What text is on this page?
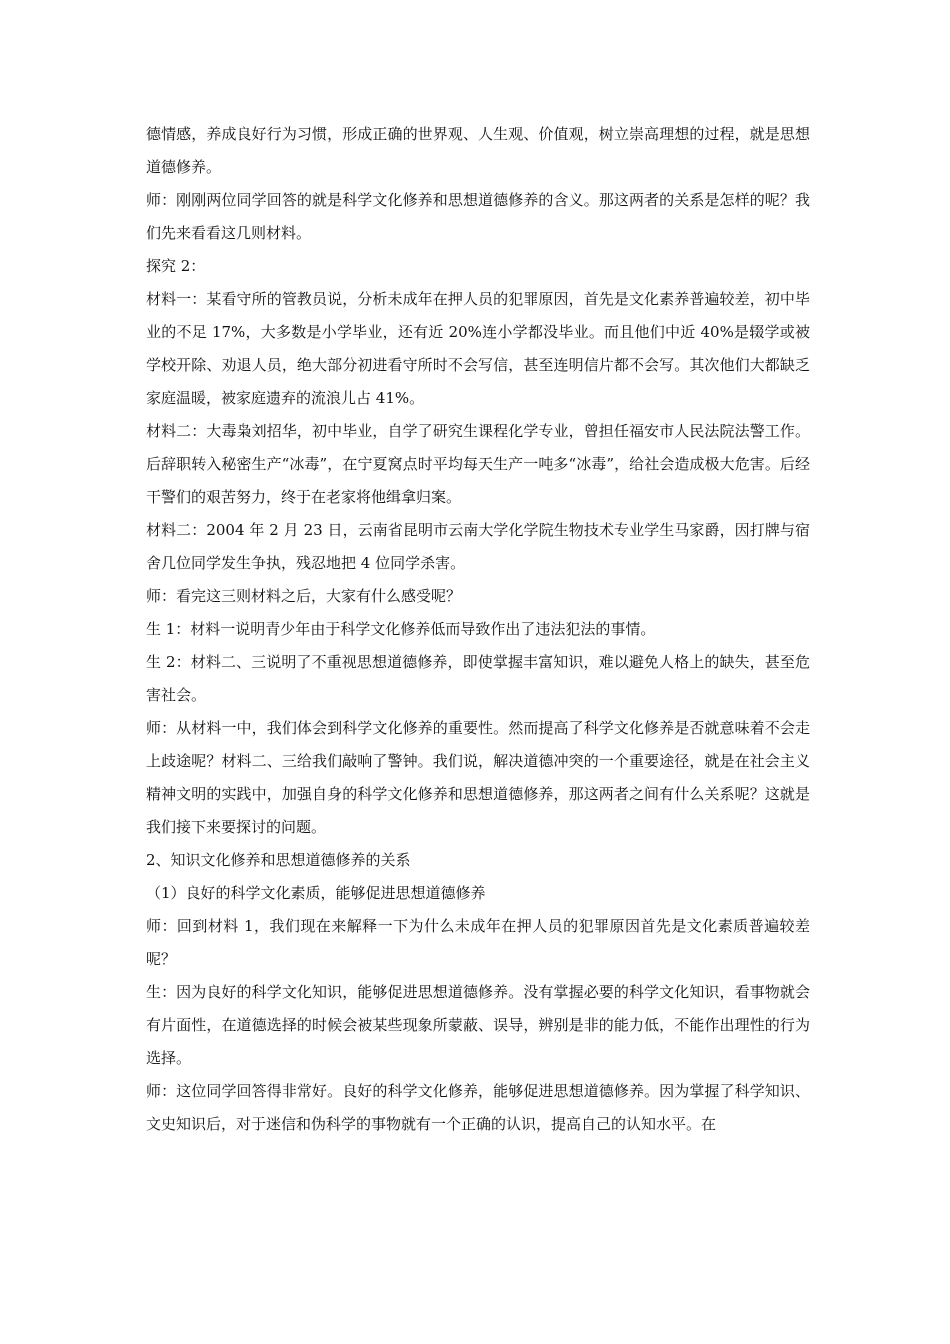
德情感，养成良好行为习惯，形成正确的世界观、人生观、价值观，树立崇高理想的过程，就是思想道德修养。

师：刚刚两位同学回答的就是科学文化修养和思想道德修养的含义。那这两者的关系是怎样的呢？我们先来看看这几则材料。

探究 2：

材料一：某看守所的管教员说，分析未成年在押人员的犯罪原因，首先是文化素养普遍较差，初中毕业的不足 17%，大多数是小学毕业，还有近 20%连小学都没毕业。而且他们中近 40%是辍学或被学校开除、劝退人员，绝大部分初进看守所时不会写信，甚至连明信片都不会写。其次他们大都缺乏家庭温暖，被家庭遗弃的流浪儿占 41%。

材料二：大毒枭刘招华，初中毕业，自学了研究生课程化学专业，曾担任福安市人民法院法警工作。后辞职转入秘密生产“冰毒”，在宁夏窝点时平均每天生产一吨多“冰毒”，给社会造成极大危害。后经干警们的艰苦努力，终于在老家将他缉拿归案。

材料二：2004 年 2 月 23 日，云南省昆明市云南大学化学院生物技术专业学生马家爵，因打牌与宿舍几位同学发生争执，残忍地把 4 位同学杀害。

师：看完这三则材料之后，大家有什么感受呢？

生 1：材料一说明青少年由于科学文化修养低而导致作出了违法犯法的事情。

生 2：材料二、三说明了不重视思想道德修养，即使掌握丰富知识，难以避免人格上的缺失，甚至危害社会。

师：从材料一中，我们体会到科学文化修养的重要性。然而提高了科学文化修养是否就意味着不会走上歧途呢？材料二、三给我们敲响了警钟。我们说，解决道德冲突的一个重要途径，就是在社会主义精神文明的实践中，加强自身的科学文化修养和思想道德修养，那这两者之间有什么关系呢？这就是我们接下来要探讨的问题。

2、知识文化修养和思想道德修养的关系

（1）良好的科学文化素质，能够促进思想道德修养

师：回到材料 1，我们现在来解释一下为什么未成年在押人员的犯罪原因首先是文化素质普遍较差呢？

生：因为良好的科学文化知识，能够促进思想道德修养。没有掌握必要的科学文化知识，看事物就会有片面性，在道德选择的时候会被某些现象所蒙蔽、误导，辨别是非的能力低，不能作出理性的行为选择。

师：这位同学回答得非常好。良好的科学文化修养，能够促进思想道德修养。因为掌握了科学知识、文史知识后，对于迷信和伪科学的事物就有一个正确的认识，提高自己的认知水平。在
